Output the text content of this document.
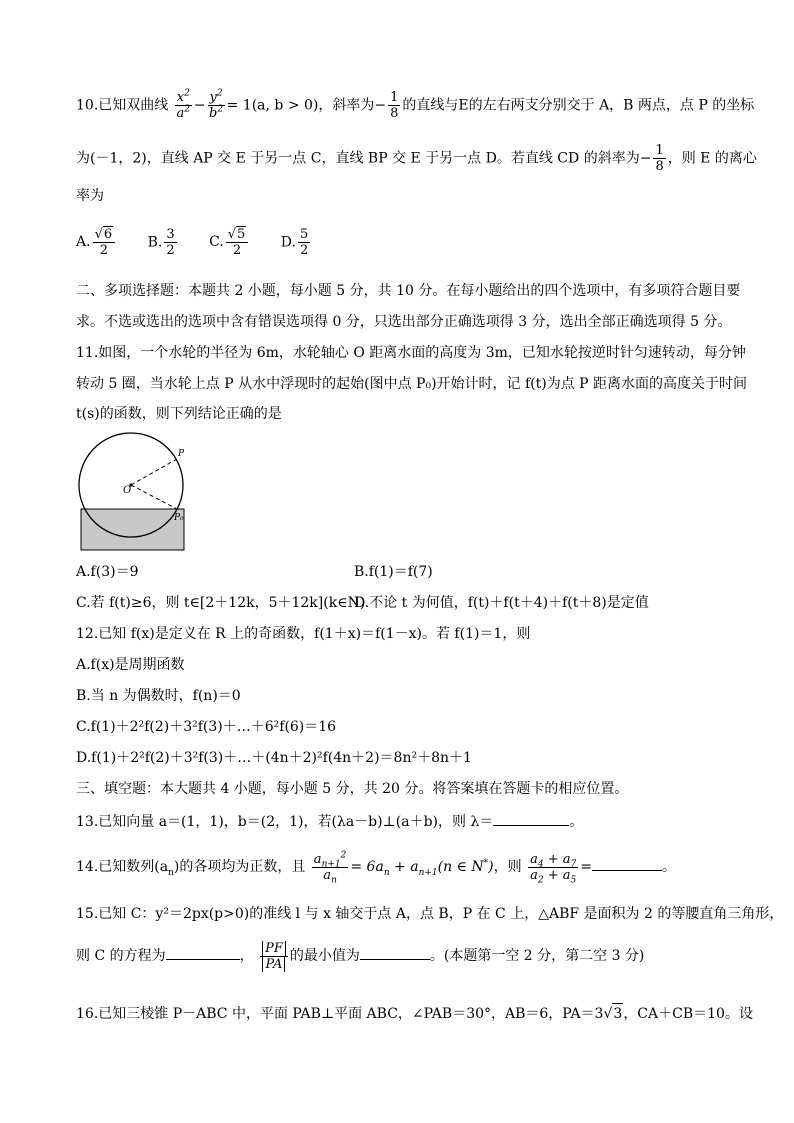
10.已知双曲线 $\frac{x^2}{a^2} - \frac{y^2}{b^2} = 1(a$, b > 0)，斜率为− $\frac{1}{8}$ 的直线与E的左右两支分别交于 A，B 两点，点 P 的坐标
为(－1，2)，直线 AP 交 E 于另一点 C，直线 BP 交 E 于另一点 D。若直线 CD 的斜率为− $\frac{1}{8}$ ，则 E 的离心
率为
A. $\frac{√6}{2} B$. $\frac{3}{2} C$. $\frac{√5}{2} D$. $\frac{5}{2}$
二、多项选择题：本题共 2 小题，每小题 5 分，共 10 分。在每小题给出的四个选项中，有多项符合题目要
求。不选或选出的选项中含有错误选项得 0 分，只选出部分正确选项得 3 分，选出全部正确选项得 5 分。
11.如图，一个水轮的半径为 6m，水轮轴心 O 距离水面的高度为 3m，已知水轮按逆时针匀速转动，每分钟
转动 5 圈，当水轮上点 P 从水中浮现时的起始(图中点 P₀)开始计时，记 f(t)为点 P 距离水面的高度关于时间
t(s)的函数，则下列结论正确的是
O
P
P₀
A.f(3)＝9	B.f(1)＝f(7)
C.若 f(t)≥6，则 t∈[2＋12k，5＋12k](k∈N)
D.不论 t 为何值，f(t)＋f(t＋4)＋f(t＋8)是定值
12.已知 f(x)是定义在 R 上的奇函数，f(1＋x)＝f(1－x)。若 f(1)＝1，则
A.f(x)是周期函数
B.当 n 为偶数时，f(n)＝0
C.f(1)＋2²f(2)＋3²f(3)＋…＋6²f(6)＝16
D.f(1)＋2²f(2)＋3²f(3)＋…＋(4n＋2)²f(4n＋2)＝8n²＋8n＋1
三、填空题：本大题共 4 小题，每小题 5 分，共 20 分。将答案填在答题卡的相应位置。
13.已知向量 a＝(1，1)，b＝(2，1)，若(λa－b)⊥(a＋b)，则 λ＝	。
14.已知数列$(a_n)$的各项均为正数，且 $\frac{a_{n+1}^2}{a_n} = 6a_n + a_{n+1}(n$ ∈ N*)，则 $\frac{a_4 + a_7}{a_2 + a_5}$ =	。
15.已知 C：y²＝2px(p>0)的准线 l 与 x 轴交于点 A，点 B，P 在 C 上，△ABF 是面积为 2 的等腰直角三角形，
则 C 的方程为	， $\frac{PF}{PA}$ 的最小值为	。(本题第一空 2 分，第二空 3 分)
16.已知三棱锥 P－ABC 中，平面 PAB⊥平面 ABC，∠PAB＝30°，AB＝6，PA＝3√3，CA＋CB＝10。设
